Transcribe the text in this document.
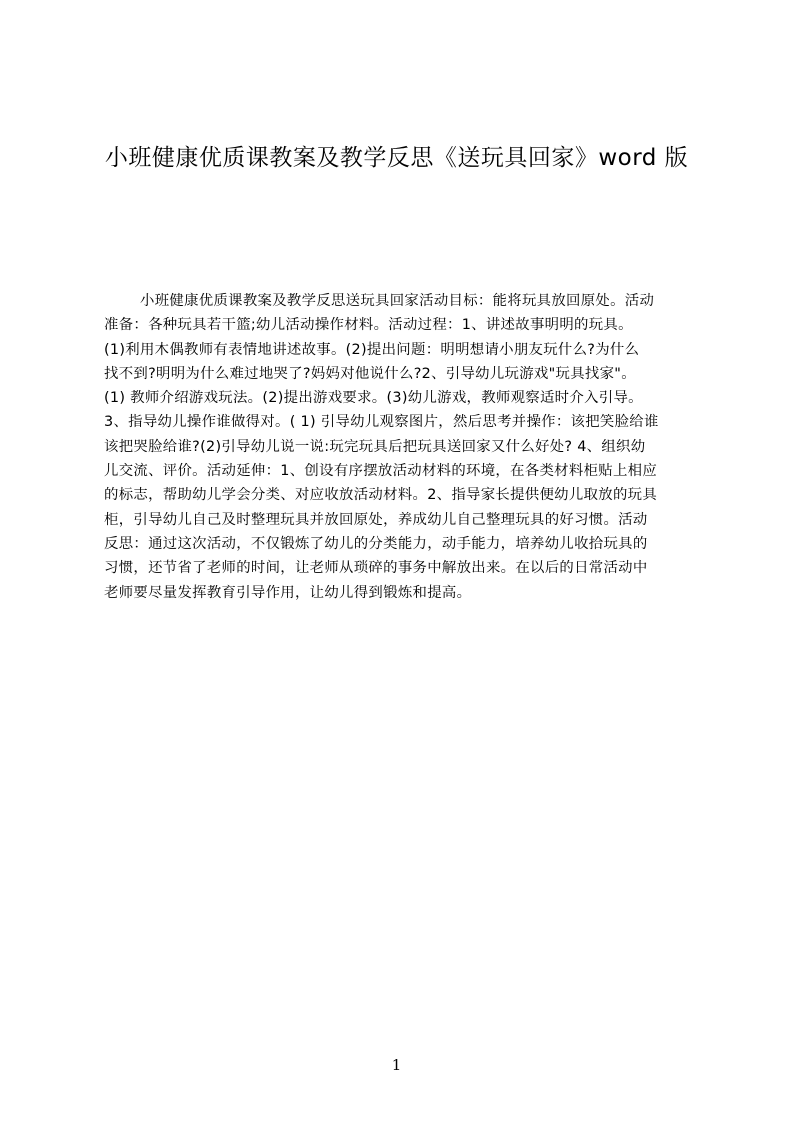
小班健康优质课教案及教学反思《送玩具回家》word 版
小班健康优质课教案及教学反思送玩具回家活动目标：能将玩具放回原处。活动
准备：各种玩具若干篮;幼儿活动操作材料。活动过程：1、讲述故事明明的玩具。
(1)利用木偶教师有表情地讲述故事。(2)提出问题：明明想请小朋友玩什么?为什么
找不到?明明为什么难过地哭了?妈妈对他说什么?2、引导幼儿玩游戏"玩具找家"。
(1) 教师介绍游戏玩法。(2)提出游戏要求。(3)幼儿游戏，教师观察适时介入引导。
3、指导幼儿操作谁做得对。( 1) 引导幼儿观察图片，然后思考并操作：该把笑脸给谁
该把哭脸给谁?(2)引导幼儿说一说:玩完玩具后把玩具送回家又什么好处? 4、组织幼
儿交流、评价。活动延伸：1、创设有序摆放活动材料的环境，在各类材料柜贴上相应
的标志，帮助幼儿学会分类、对应收放活动材料。2、指导家长提供便幼儿取放的玩具
柜，引导幼儿自己及时整理玩具并放回原处，养成幼儿自己整理玩具的好习惯。活动
反思：通过这次活动，不仅锻炼了幼儿的分类能力，动手能力，培养幼儿收拾玩具的
习惯，还节省了老师的时间，让老师从琐碎的事务中解放出来。在以后的日常活动中
老师要尽量发挥教育引导作用，让幼儿得到锻炼和提高。
1
